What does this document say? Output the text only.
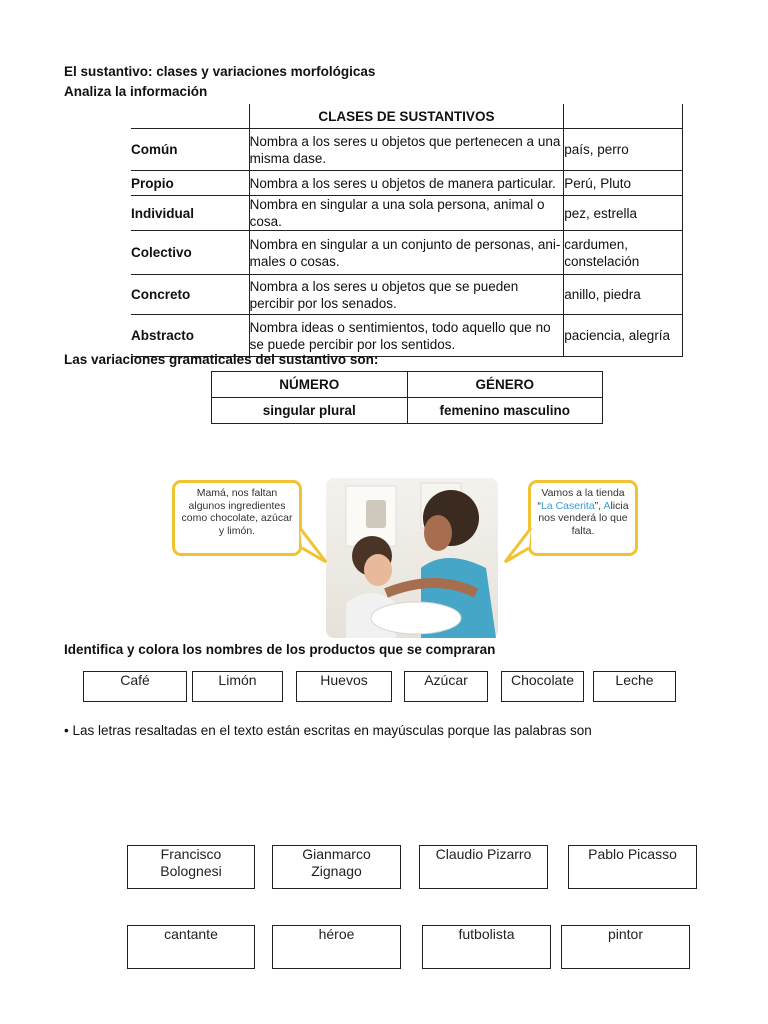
El sustantivo: clases y variaciones morfológicas
Analiza la información
	CLASES DE SUSTANTIVOS	
Común	Nombra a los seres u objetos que pertenecen a una misma dase.	país, perro
Propio	Nombra a los seres u objetos de manera particular.	Perú, Pluto
Individual	Nombra en singular a una sola persona, animal o cosa.	pez, estrella
Colectivo	Nombra en singular a un conjunto de personas, ani-males o cosas.	cardumen, constelación
Concreto	Nombra a los seres u objetos que se pueden percibir por los senados.	anillo, piedra
Abstracto	Nombra ideas o sentimientos, todo aquello que no se puede percibir por los sentidos.	paciencia, alegría
Las variaciones gramaticales del sustantivo son:
NÚMERO	GÉNERO
singular plural	femenino masculino
Mamá, nos faltan algunos ingredientes como chocolate, azúcar y limón.
Vamos a la tienda “La Caserita”, Alicia nos venderá lo que falta.
Identifica y colora los nombres de los productos que se compraran
Café	Limón	Huevos	Azúcar	Chocolate	Leche
• Las letras resaltadas en el texto están escritas en mayúsculas porque las palabras son
Francisco Bolognesi
Gianmarco Zignago
Claudio Pizarro	Pablo Picasso
cantante	héroe	futbolista	pintor
